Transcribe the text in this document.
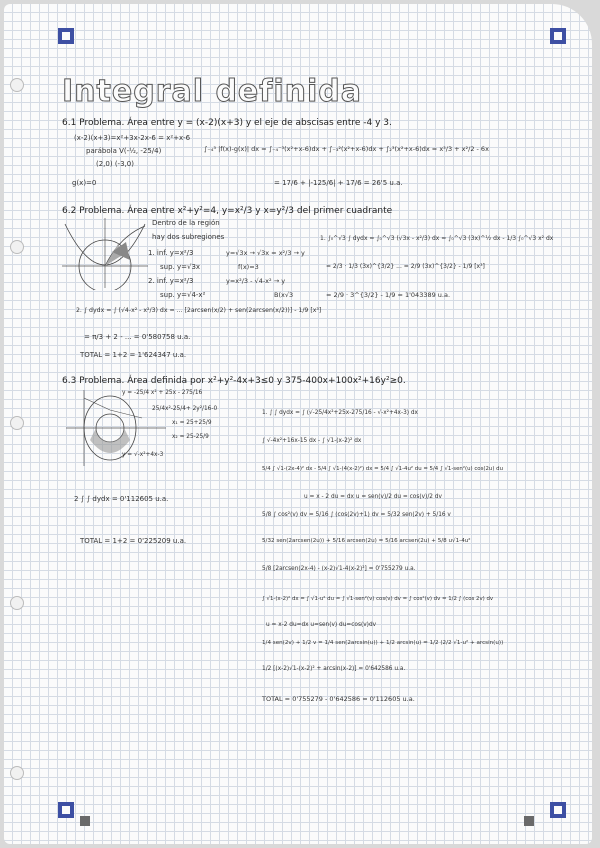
Integral definida
6.1 Problema. Área entre y = (x-2)(x+3) y el eje de abscisas entre -4 y 3.
(x-2)(x+3)=x²+3x-2x-6 = x²+x-6
parábola V(-½, -25/4)
(2,0) (-3,0)
g(x)=0
∫₋₄³ |f(x)-g(x)| dx = ∫₋₄⁻³(x²+x-6)dx + ∫₋₃²(x²+x-6)dx + ∫₂³(x²+x-6)dx = x³/3 + x²/2 - 6x
= 17/6 + |-125/6| + 17/6 = 26'5 u.a.
6.2 Problema. Área entre x²+y²=4, y=x²/3 y x=y²/3 del primer cuadrante
Dentro de la región
hay dos subregiones
1. inf. y=x²/3
sup. y=√3x
2. inf. y=x²/3
sup. y=√4-x²
y=√3x → √3x = x²/3 → y
f(x)=3
y=x²/3 - √4-x² → y
B(x√3
1. ∫₀^√3 ∫ dydx = ∫₀^√3 (√3x - x²/3) dx = ∫₀^√3 (3x)^½ dx - 1/3 ∫₀^√3 x² dx
= 2/3 · 1/3 (3x)^{3/2} ... = 2/9 (3x)^{3/2} - 1/9 [x³]
= 2/9 · 3^{3/2} - 1/9 = 1'043389 u.a.
2. ∫ dydx = ∫ (√4-x² - x²/3) dx = ... [2arcsen(x/2) + sen(2arcsen(x/2))] - 1/9 [x³]
= π/3 + 2 - ... = 0'580758 u.a.
TOTAL = 1+2 = 1'624347 u.a.
6.3 Problema. Área definida por x²+y²-4x+3≤0 y 375-400x+100x²+16y²≥0.
y = -25/4 x² + 25x - 275/16
25/4x²-25/4+ 2y²/16-0
x₁ = 25+25/9
x₂ = 25-25/9
y = √-x²+4x-3
2 ∫ ∫ dydx = 0'112605 u.a.
TOTAL = 1+2 = 0'225209 u.a.
1. ∫ ∫ dydx = ∫ (√-25/4x²+25x-275/16 - √-x²+4x-3) dx
∫ √-4x²+16x-15 dx - ∫ √1-(x-2)² dx
5/4 ∫ √1-(2x-4)² dx - 5/4 ∫ √1-(4(x-2)²) dx = 5/4 ∫ √1-4u² du = 5/4 ∫ √1-sen²(u) cos(2u) du
u = x - 2 du = dx u = sen(v)/2 du = cos(v)/2 dv
5/8 ∫ cos²(v) dv = 5/16 ∫ (cos(2v)+1) dv = 5/32 sen(2v) + 5/16 v
5/32 sen(2arcsen(2u)) + 5/16 arcsen(2u) = 5/16 arcsen(2u) + 5/8 u√1-4u²
5/8 [2arcsen(2x-4) - (x-2)√1-4(x-2)²] = 0'755279 u.a.
∫ √1-(x-2)² dx = ∫ √1-u² du = ∫ √1-sen²(v) cos(v) dv = ∫ cos²(v) dv = 1/2 ∫ (cos 2v) dv
u = x-2 du=dx u=sen(v) du=cos(v)dv
1/4 sen(2v) + 1/2 v = 1/4 sen(2arcsin(u)) + 1/2 arcsin(u) = 1/2 (2/2 √1-u² + arcsin(u))
1/2 [(x-2)√1-(x-2)² + arcsin(x-2)] = 0'642586 u.a.
TOTAL = 0'755279 - 0'642586 = 0'112605 u.a.
